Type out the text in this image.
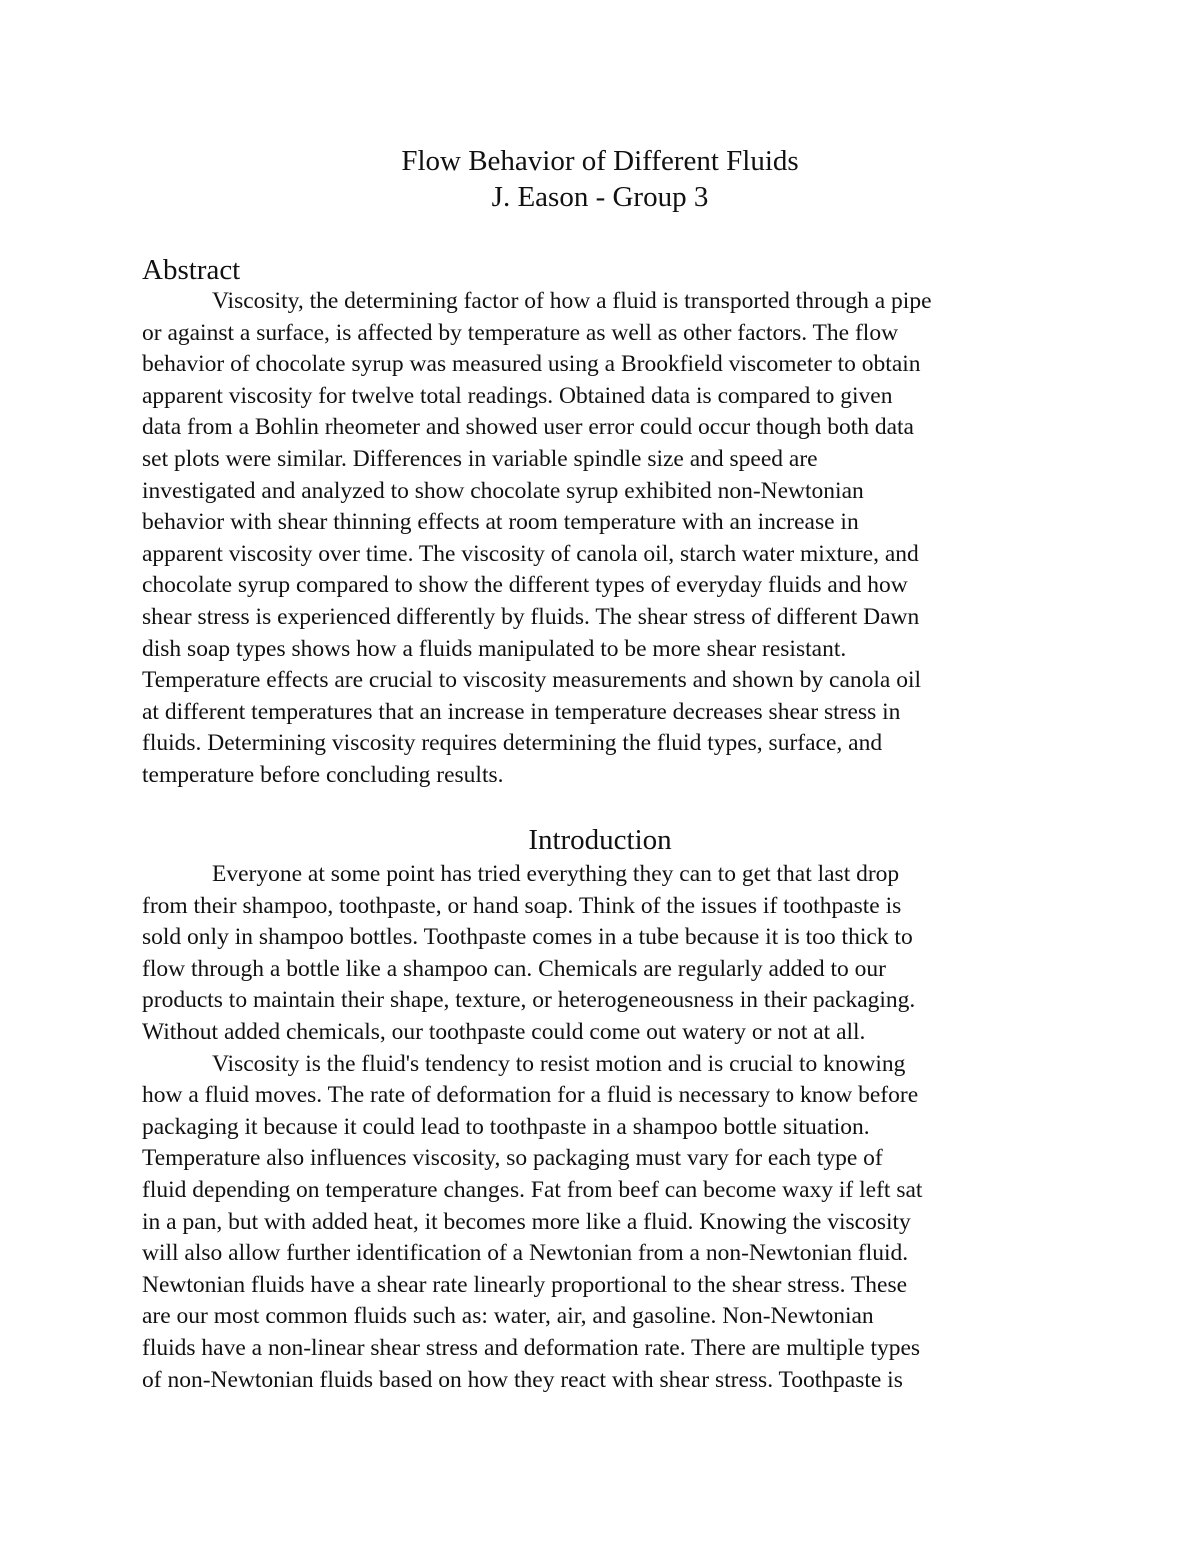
Flow Behavior of Different Fluids

J. Eason - Group 3

Abstract
Viscosity, the determining factor of how a fluid is transported through a pipe
or against a surface, is affected by temperature as well as other factors. The flow
behavior of chocolate syrup was measured using a Brookfield viscometer to obtain
apparent viscosity for twelve total readings. Obtained data is compared to given
data from a Bohlin rheometer and showed user error could occur though both data
set plots were similar. Differences in variable spindle size and speed are
investigated and analyzed to show chocolate syrup exhibited non-Newtonian
behavior with shear thinning effects at room temperature with an increase in
apparent viscosity over time. The viscosity of canola oil, starch water mixture, and
chocolate syrup compared to show the different types of everyday fluids and how
shear stress is experienced differently by fluids. The shear stress of different Dawn
dish soap types shows how a fluids manipulated to be more shear resistant.
Temperature effects are crucial to viscosity measurements and shown by canola oil
at different temperatures that an increase in temperature decreases shear stress in
fluids. Determining viscosity requires determining the fluid types, surface, and
temperature before concluding results.
Introduction
Everyone at some point has tried everything they can to get that last drop
from their shampoo, toothpaste, or hand soap. Think of the issues if toothpaste is
sold only in shampoo bottles. Toothpaste comes in a tube because it is too thick to
flow through a bottle like a shampoo can. Chemicals are regularly added to our
products to maintain their shape, texture, or heterogeneousness in their packaging.
Without added chemicals, our toothpaste could come out watery or not at all.
Viscosity is the fluid's tendency to resist motion and is crucial to knowing
how a fluid moves. The rate of deformation for a fluid is necessary to know before
packaging it because it could lead to toothpaste in a shampoo bottle situation.
Temperature also influences viscosity, so packaging must vary for each type of
fluid depending on temperature changes. Fat from beef can become waxy if left sat
in a pan, but with added heat, it becomes more like a fluid. Knowing the viscosity
will also allow further identification of a Newtonian from a non-Newtonian fluid.
Newtonian fluids have a shear rate linearly proportional to the shear stress. These
are our most common fluids such as: water, air, and gasoline. Non-Newtonian
fluids have a non-linear shear stress and deformation rate. There are multiple types
of non-Newtonian fluids based on how they react with shear stress. Toothpaste is
